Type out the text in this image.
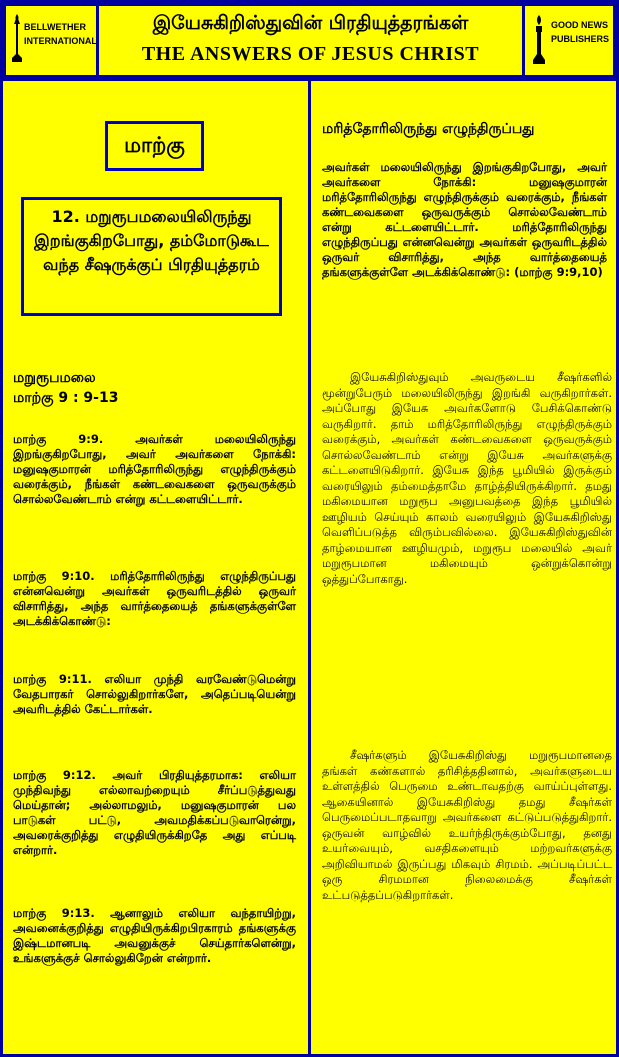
BELLWETHER
INTERNATIONAL
இயேசுகிறிஸ்துவின் பிரதியுத்தரங்கள்
THE ANSWERS OF JESUS CHRIST
GOOD NEWS
PUBLISHERS
மாற்கு
12. மறுரூபமலையிலிருந்து இறங்குகிறபோது, தம்மோடுகூட வந்த சீஷருக்குப் பிரதியுத்தரம்
மறுரூபமலை
மாற்கு 9 : 9-13
மாற்கு 9:9. அவர்கள் மலையிலிருந்து இறங்குகிறபோது, அவர் அவர்களை நோக்கி: மனுஷகுமாரன் மரித்தோரிலிருந்து எழுந்திருக்கும் வரைக்கும், நீங்கள் கண்டவைகளை ஒருவருக்கும் சொல்லவேண்டாம் என்று கட்டளையிட்டார்.
மாற்கு 9:10. மரித்தோரிலிருந்து எழுந்திருப்பது என்னவென்று அவர்கள் ஒருவரிடத்தில் ஒருவர் விசாரித்து, அந்த வார்த்தையைத் தங்களுக்குள்ளே அடக்கிக்கொண்டு:
மாற்கு 9:11. எலியா முந்தி வரவேண்டுமென்று வேதபாரகர் சொல்லுகிறார்களே, அதெப்படியென்று அவரிடத்தில் கேட்டார்கள்.
மாற்கு 9:12. அவர் பிரதியுத்தரமாக: எலியா முந்திவந்து எல்லாவற்றையும் சீர்ப்படுத்துவது மெய்தான்; அல்லாமலும், மனுஷகுமாரன் பல பாடுகள் பட்டு, அவமதிக்கப்படுவாரென்று, அவரைக்குறித்து எழுதியிருக்கிறதே அது எப்படி என்றார்.
மாற்கு 9:13. ஆனாலும் எலியா வந்தாயிற்று, அவனைக்குறித்து எழுதியிருக்கிறபிரகாரம் தங்களுக்கு இஷ்டமானபடி அவனுக்குச் செய்தார்களென்று, உங்களுக்குச் சொல்லுகிறேன் என்றார்.
மரித்தோரிலிருந்து எழுந்திருப்பது
அவர்கள் மலையிலிருந்து இறங்குகிறபோது, அவர் அவர்களை நோக்கி: மனுஷகுமாரன் மரித்தோரிலிருந்து எழுந்திருக்கும் வரைக்கும், நீங்கள் கண்டவைகளை ஒருவருக்கும் சொல்லவேண்டாம் என்று கட்டளையிட்டார். மரித்தோரிலிருந்து எழுந்திருப்பது என்னவென்று அவர்கள் ஒருவரிடத்தில் ஒருவர் விசாரித்து, அந்த வார்த்தையைத் தங்களுக்குள்ளே அடக்கிக்கொண்டு: (மாற்கு 9:9,10)
இயேசுகிறிஸ்துவும் அவருடைய சீஷர்களில் மூன்றுபேரும் மலையிலிருந்து இறங்கி வருகிறார்கள். அப்போது இயேசு அவர்களோடு பேசிக்கொண்டு வருகிறார். தாம் மரித்தோரிலிருந்து எழுந்திருக்கும் வரைக்கும், அவர்கள் கண்டவைகளை ஒருவருக்கும் சொல்லவேண்டாம் என்று இயேசு அவர்களுக்கு கட்டளையிடுகிறார். இயேசு இந்த பூமியில் இருக்கும் வரையிலும் தம்மைத்தாமே தாழ்த்தியிருக்கிறார். தமது மகிமையான மறுரூப அனுபவத்தை இந்த பூமியில் ஊழியம் செய்யும் காலம் வரையிலும் இயேசுகிறிஸ்து வெளிப்படுத்த விரும்பவில்லை. இயேசுகிறிஸ்துவின் தாழ்மையான ஊழியமும், மறுரூப மலையில் அவர் மறுரூபமான மகிமையும் ஒன்றுக்கொன்று ஒத்துப்போகாது.
சீஷர்களும் இயேசுகிறிஸ்து மறுரூபமானதை தங்கள் கண்களால் தரிசித்ததினால், அவர்களுடைய உள்ளத்தில் பெருமை உண்டாவதற்கு வாய்ப்புள்ளது. ஆகையினால் இயேசுகிறிஸ்து தமது சீஷர்கள் பெருமைப்படாதவாறு அவர்களை கட்டுப்படுத்துகிறார். ஒருவன் வாழ்வில் உயர்ந்திருக்கும்போது, தனது உயர்வையும், வசதிகளையும் மற்றவர்களுக்கு அறிவியாமல் இருப்பது மிகவும் சிரமம். அப்படிப்பட்ட ஒரு சிரமமான நிலைமைக்கு சீஷர்கள் உட்படுத்தப்படுகிறார்கள்.
